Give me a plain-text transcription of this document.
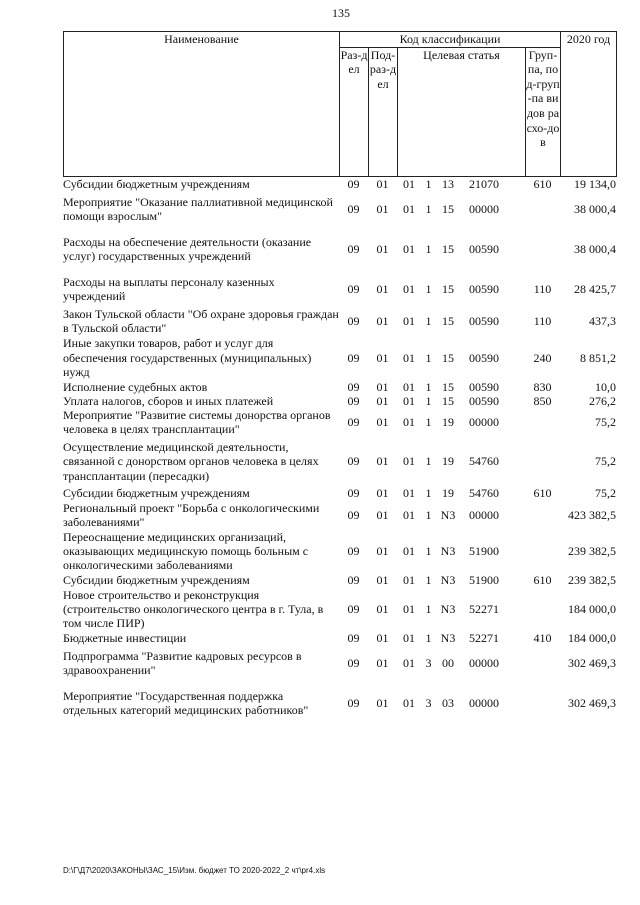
135
Наименование	Код классификации				2020 год
	Раз-дел	Под-раз-дел	Целевая статья	Груп-па, под-груп-па видов расхо-дов	
Субсидии бюджетным учреждениям	09	01	01	1	13	21070		610	19 134,0
Мероприятие "Оказание паллиативной медицинской помощи взрослым"	09	01	01	1	15	00000			38 000,4
Расходы на обеспечение деятельности (оказание услуг) государственных учреждений	09	01	01	1	15	00590			38 000,4
Расходы на выплаты персоналу казенных учреждений	09	01	01	1	15	00590		110	28 425,7
Закон Тульской области "Об охране здоровья граждан в Тульской области"	09	01	01	1	15	00590		110	437,3
Иные закупки товаров, работ и услуг для обеспечения государственных (муниципальных) нужд	09	01	01	1	15	00590		240	8 851,2
Исполнение судебных актов	09	01	01	1	15	00590		830	10,0
Уплата налогов, сборов и иных платежей	09	01	01	1	15	00590		850	276,2
Мероприятие "Развитие системы донорства органов человека в целях трансплантации"	09	01	01	1	19	00000			75,2
Осуществление медицинской деятельности, связанной с донорством органов человека в целях трансплантации (пересадки)	09	01	01	1	19	54760			75,2
Субсидии бюджетным учреждениям	09	01	01	1	19	54760		610	75,2
Региональный проект "Борьба с онкологическими заболеваниями"	09	01	01	1	N3	00000			423 382,5
Переоснащение медицинских организаций, оказывающих медицинскую помощь больным с онкологическими заболеваниями	09	01	01	1	N3	51900			239 382,5
Субсидии бюджетным учреждениям	09	01	01	1	N3	51900		610	239 382,5
Новое строительство и реконструкция (строительство онкологического центра в г. Тула, в том числе ПИР)	09	01	01	1	N3	52271			184 000,0
Бюджетные инвестиции	09	01	01	1	N3	52271		410	184 000,0
Подпрограмма "Развитие кадровых ресурсов в здравоохранении"	09	01	01	3	00	00000			302 469,3
Мероприятие "Государственная поддержка отдельных категорий медицинских работников"	09	01	01	3	03	00000			302 469,3
D:\Г\Д7\2020\ЗАКОНЫ\ЗАС_15\Изм. бюджет ТО 2020-2022_2 чт\pr4.xls
